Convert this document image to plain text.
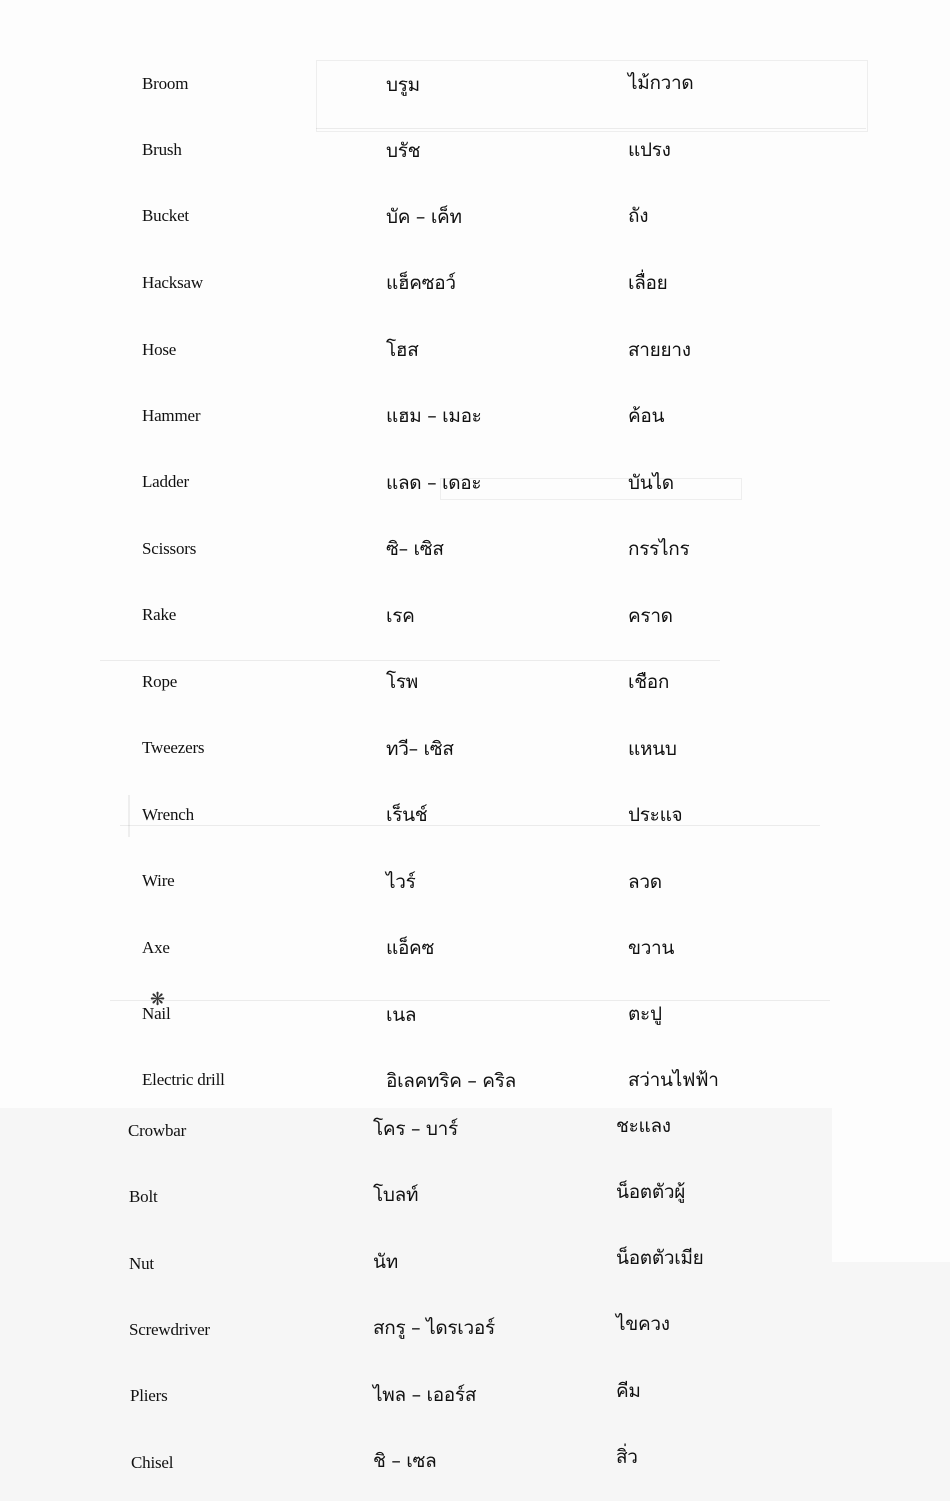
Broom	บรูม	ไม้กวาด
Brush	บรัช	แปรง
Bucket	บัค – เค็ท	ถัง
Hacksaw	แฮ็คซอว์	เลื่อย
Hose	โฮส	สายยาง
Hammer	แฮม – เมอะ	ค้อน
Ladder	แลด – เดอะ	บันได
Scissors	ซิ– เซิส	กรรไกร
Rake	เรค	คราด
Rope	โรพ	เชือก
Tweezers	ทวี– เซิส	แหนบ
Wrench	เร็นช์	ประแจ
Wire	ไวร์	ลวด
Axe	แอ็คซ	ขวาน
Nail	เนล	ตะปู
Electric drill	อิเลคทริค – คริล	สว่านไฟฟ้า
Crowbar	โคร – บาร์	ชะแลง
Bolt	โบลท์	น็อตตัวผู้
Nut	นัท	น็อตตัวเมีย
Screwdriver	สกรู – ไดรเวอร์	ไขควง
Pliers	ไพล – เออร์ส	คีม
Chisel	ชิ – เซล	สิ่ว
❋
